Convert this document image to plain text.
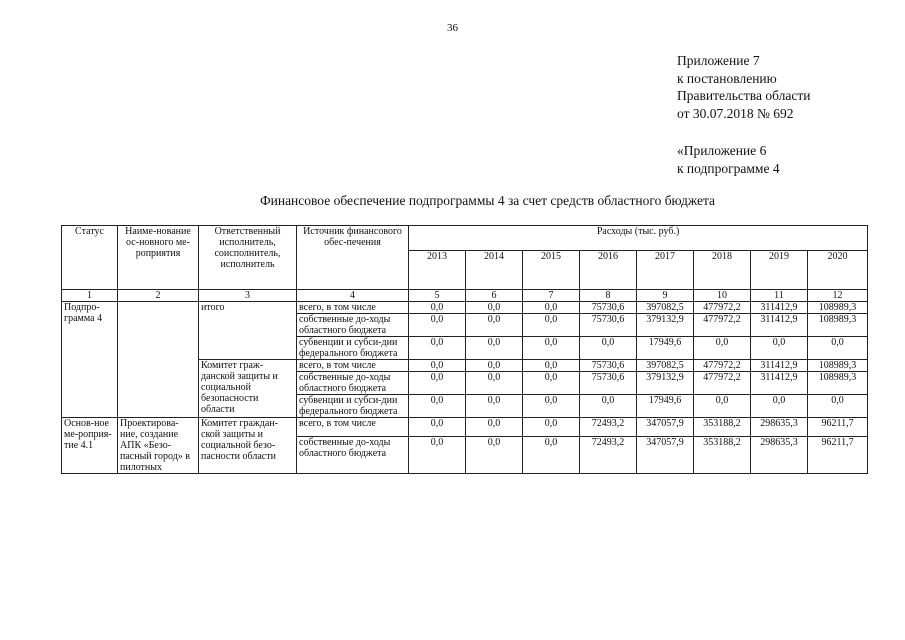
36
Приложение 7
к постановлению
Правительства области
от 30.07.2018 № 692
«Приложение 6
к подпрограмме 4
Финансовое обеспечение подпрограммы 4 за счет средств областного бюджета
Статус	Наиме-нование ос-новного ме-роприятия	Ответственный исполнитель, соисполнитель, исполнитель	Источник финансового обес-печения	Расходы (тыс. руб.)							
				2013	2014	2015	2016	2017	2018	2019	2020
1	2	3	4	5	6	7	8	9	10	11	12
Подпро-грамма 4		итого	всего, в том числе	0,0	0,0	0,0	75730,6	397082,5	477972,2	311412,9	108989,3
			собственные до-ходы областного бюджета	0,0	0,0	0,0	75730,6	379132,9	477972,2	311412,9	108989,3
			субвенции и субси-дии федерального бюджета	0,0	0,0	0,0	0,0	17949,6	0,0	0,0	0,0
		Комитет граж-данской защиты и социальной безопасности области	всего, в том числе	0,0	0,0	0,0	75730,6	397082,5	477972,2	311412,9	108989,3
			собственные до-ходы областного бюджета	0,0	0,0	0,0	75730,6	379132,9	477972,2	311412,9	108989,3
			субвенции и субси-дии федерального бюджета	0,0	0,0	0,0	0,0	17949,6	0,0	0,0	0,0
Основ-ное ме-роприя-тие 4.1	Проектирова-ние, создание АПК «Безо-пасный город» в пилотных	Комитет граждан-ской защиты и социальной безо-пасности области	всего, в том числе	0,0	0,0	0,0	72493,2	347057,9	353188,2	298635,3	96211,7
			собственные до-ходы областного бюджета	0,0	0,0	0,0	72493,2	347057,9	353188,2	298635,3	96211,7
